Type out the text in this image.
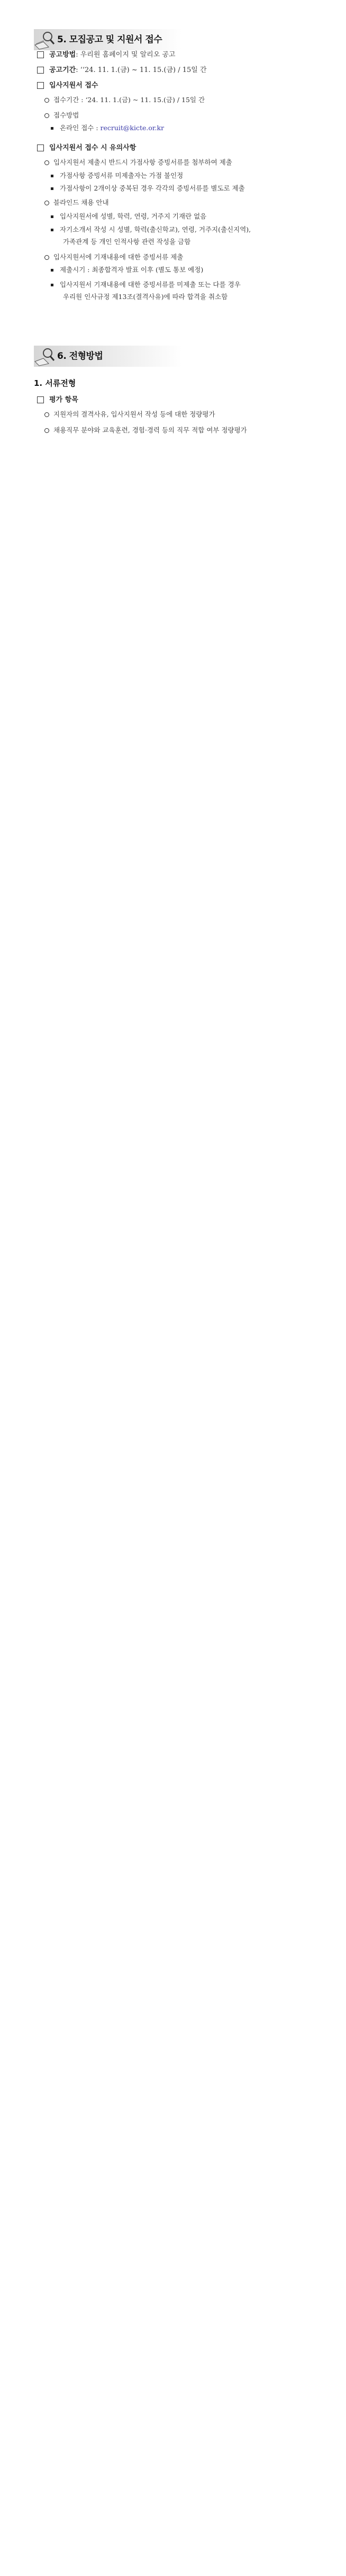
5. 모집공고 및 지원서 접수
공고방법 : 우리원 홈페이지 및 알리오 공고
공고기간 : ‘‘24. 11. 1.(금) ~ 11. 15.(금) / 15일 간
입사지원서 접수
접수기간 : ‘24. 11. 1.(금) ~ 11. 15.(금) / 15일 간
접수방법
온라인 접수 : recruit@kicte.or.kr
입사지원서 접수 시 유의사항
입사지원서 제출시 반드시 가점사항 증빙서류를 첨부하여 제출
가점사항 증빙서류 미제출자는 가점 불인정
가점사항이 2개이상 중복된 경우 각각의 증빙서류를 별도로 제출
블라인드 채용 안내
입사지원서에 성별, 학력, 연령, 거주지 기재란 없음
자기소개서 작성 시 성별, 학력(출신학교), 연령, 거주지(출신지역),
가족관계 등 개인 인적사항 관련 작성을 금함
입사지원서에 기재내용에 대한 증빙서류 제출
제출시기 : 최종합격자 발표 이후 (별도 통보 예정)
입사지원서 기재내용에 대한 증빙서류를 미제출 또는 다를 경우
우리원 인사규정 제13조(결격사유)에 따라 합격을 취소함
6. 전형방법
1. 서류전형
평가 항목
지원자의 결격사유, 입사지원서 작성 등에 대한 정량평가
채용직무 분야와 교육훈련, 경험·경력 등의 직무 적합 여부 정량평가
